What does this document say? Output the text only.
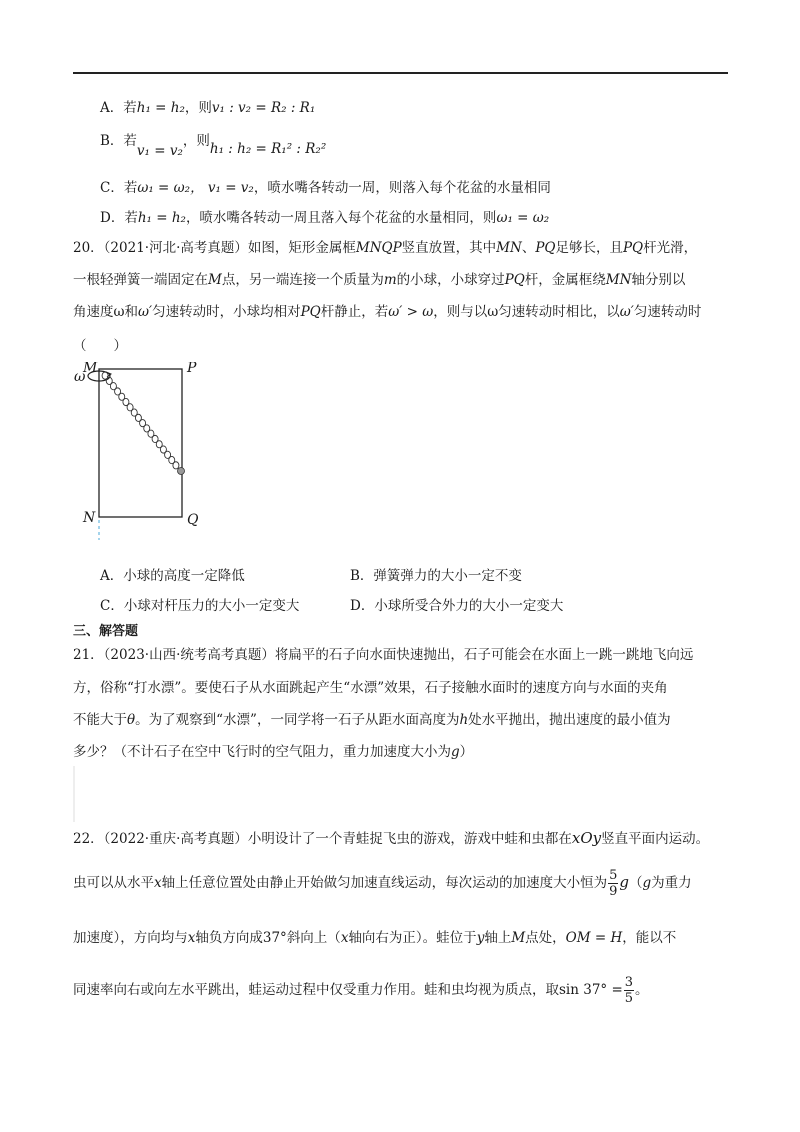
A．若h₁ = h₂，则v₁ : v₂ = R₂ : R₁
B．若v₁ = v₂，则h₁ : h₂ = R₁² : R₂²
C．若ω₁ = ω₂， v₁ = v₂，喷水嘴各转动一周，则落入每个花盆的水量相同
D．若h₁ = h₂，喷水嘴各转动一周且落入每个花盆的水量相同，则ω₁ = ω₂
20．（2021·河北·高考真题）如图，矩形金属框MNQP竖直放置，其中MN、PQ足够长，且PQ杆光滑，
一根轻弹簧一端固定在M点，另一端连接一个质量为m的小球，小球穿过PQ杆，金属框绕MN轴分别以
角速度ω和ω′匀速转动时，小球均相对PQ杆静止，若ω′ > ω，则与以ω匀速转动时相比，以ω′匀速转动时
（　　）
ω
M	P
N	Q
A．小球的高度一定降低	B．弹簧弹力的大小一定不变
C．小球对杆压力的大小一定变大	D．小球所受合外力的大小一定变大
三、解答题
21．（2023·山西·统考高考真题）将扁平的石子向水面快速抛出，石子可能会在水面上一跳一跳地飞向远
方，俗称“打水漂”。要使石子从水面跳起产生“水漂”效果，石子接触水面时的速度方向与水面的夹角
不能大于θ。为了观察到“水漂”，一同学将一石子从距水面高度为h处水平抛出，抛出速度的最小值为
多少？（不计石子在空中飞行时的空气阻力，重力加速度大小为g）
22．（2022·重庆·高考真题）小明设计了一个青蛙捉飞虫的游戏，游戏中蛙和虫都在xOy竖直平面内运动。
虫可以从水平x轴上任意位置处由静止开始做匀加速直线运动，每次运动的加速度大小恒为 $\frac{5}{9} g(g$为重力
加速度），方向均与x轴负方向成37°斜向上（x轴向右为正）。蛙位于y轴上M点处，OM = H，能以不
同速率向右或向左水平跳出，蛙运动过程中仅受重力作用。蛙和虫均视为质点，取$\sin 37^\circ = \frac{3}{5}$ 。
